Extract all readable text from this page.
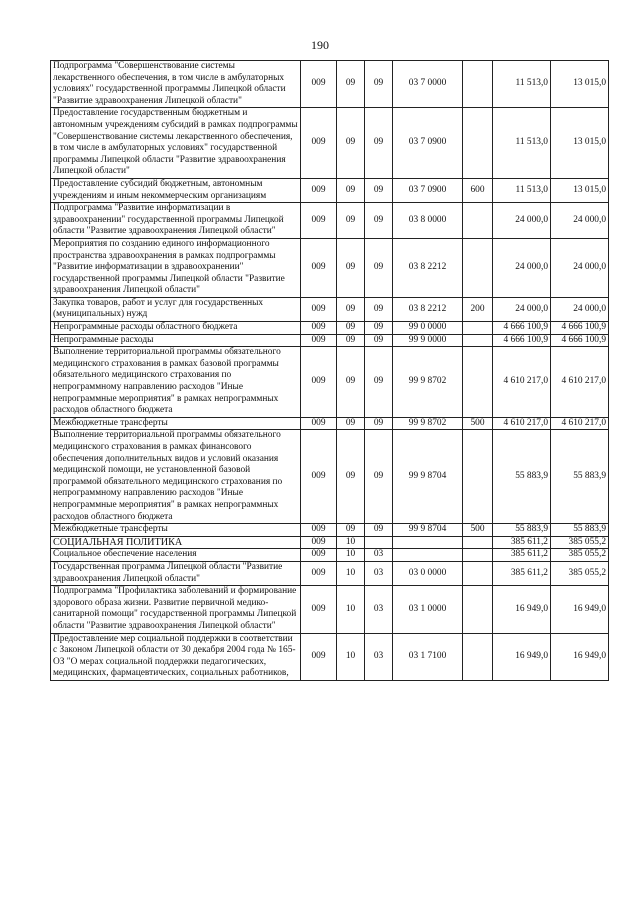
190
Подпрограмма "Совершенствование системы лекарственного обеспечения, в том числе в амбулаторных условиях" государственной программы Липецкой области "Развитие здравоохранения Липецкой области"	009	09	09	03 7 0000		11 513,0	13 015,0
Предоставление государственным бюджетным и автономным учреждениям субсидий в рамках подпрограммы "Совершенствование системы лекарственного обеспечения, в том числе в амбулаторных условиях" государственной программы Липецкой области "Развитие здравоохранения Липецкой области"	009	09	09	03 7 0900		11 513,0	13 015,0
Предоставление субсидий бюджетным, автономным учреждениям и иным некоммерческим организациям	009	09	09	03 7 0900	600	11 513,0	13 015,0
Подпрограмма "Развитие информатизации в здравоохранении" государственной программы Липецкой области "Развитие здравоохранения Липецкой области"	009	09	09	03 8 0000		24 000,0	24 000,0
Мероприятия по созданию единого информационного пространства здравоохранения в рамках подпрограммы "Развитие информатизации в здравоохранении" государственной программы Липецкой области "Развитие здравоохранения Липецкой области"	009	09	09	03 8 2212		24 000,0	24 000,0
Закупка товаров, работ и услуг для государственных (муниципальных) нужд	009	09	09	03 8 2212	200	24 000,0	24 000,0
Непрограммные расходы областного бюджета	009	09	09	99 0 0000		4 666 100,9	4 666 100,9
Непрограммные расходы	009	09	09	99 9 0000		4 666 100,9	4 666 100,9
Выполнение территориальной программы обязательного медицинского страхования в рамках базовой программы обязательного медицинского страхования по непрограммному направлению расходов "Иные непрограммные мероприятия" в рамках непрограммных расходов областного бюджета	009	09	09	99 9 8702		4 610 217,0	4 610 217,0
Межбюджетные трансферты	009	09	09	99 9 8702	500	4 610 217,0	4 610 217,0
Выполнение территориальной программы обязательного медицинского страхования в рамках финансового обеспечения дополнительных видов и условий оказания медицинской помощи, не установленной базовой программой обязательного медицинского страхования по непрограммному направлению расходов "Иные непрограммные мероприятия" в рамках непрограммных расходов областного бюджета	009	09	09	99 9 8704		55 883,9	55 883,9
Межбюджетные трансферты	009	09	09	99 9 8704	500	55 883,9	55 883,9
СОЦИАЛЬНАЯ ПОЛИТИКА	009	10				385 611,2	385 055,2
Социальное обеспечение населения	009	10	03			385 611,2	385 055,2
Государственная программа Липецкой области "Развитие здравоохранения Липецкой области"	009	10	03	03 0 0000		385 611,2	385 055,2
Подпрограмма "Профилактика заболеваний и формирование здорового образа жизни. Развитие первичной медико-санитарной помощи" государственной программы Липецкой области "Развитие здравоохранения Липецкой области"	009	10	03	03 1 0000		16 949,0	16 949,0
Предоставление мер социальной поддержки в соответствии с Законом Липецкой области от 30 декабря 2004 года № 165-ОЗ "О мерах социальной поддержки педагогических, медицинских, фармацевтических, социальных работников,	009	10	03	03 1 7100		16 949,0	16 949,0
